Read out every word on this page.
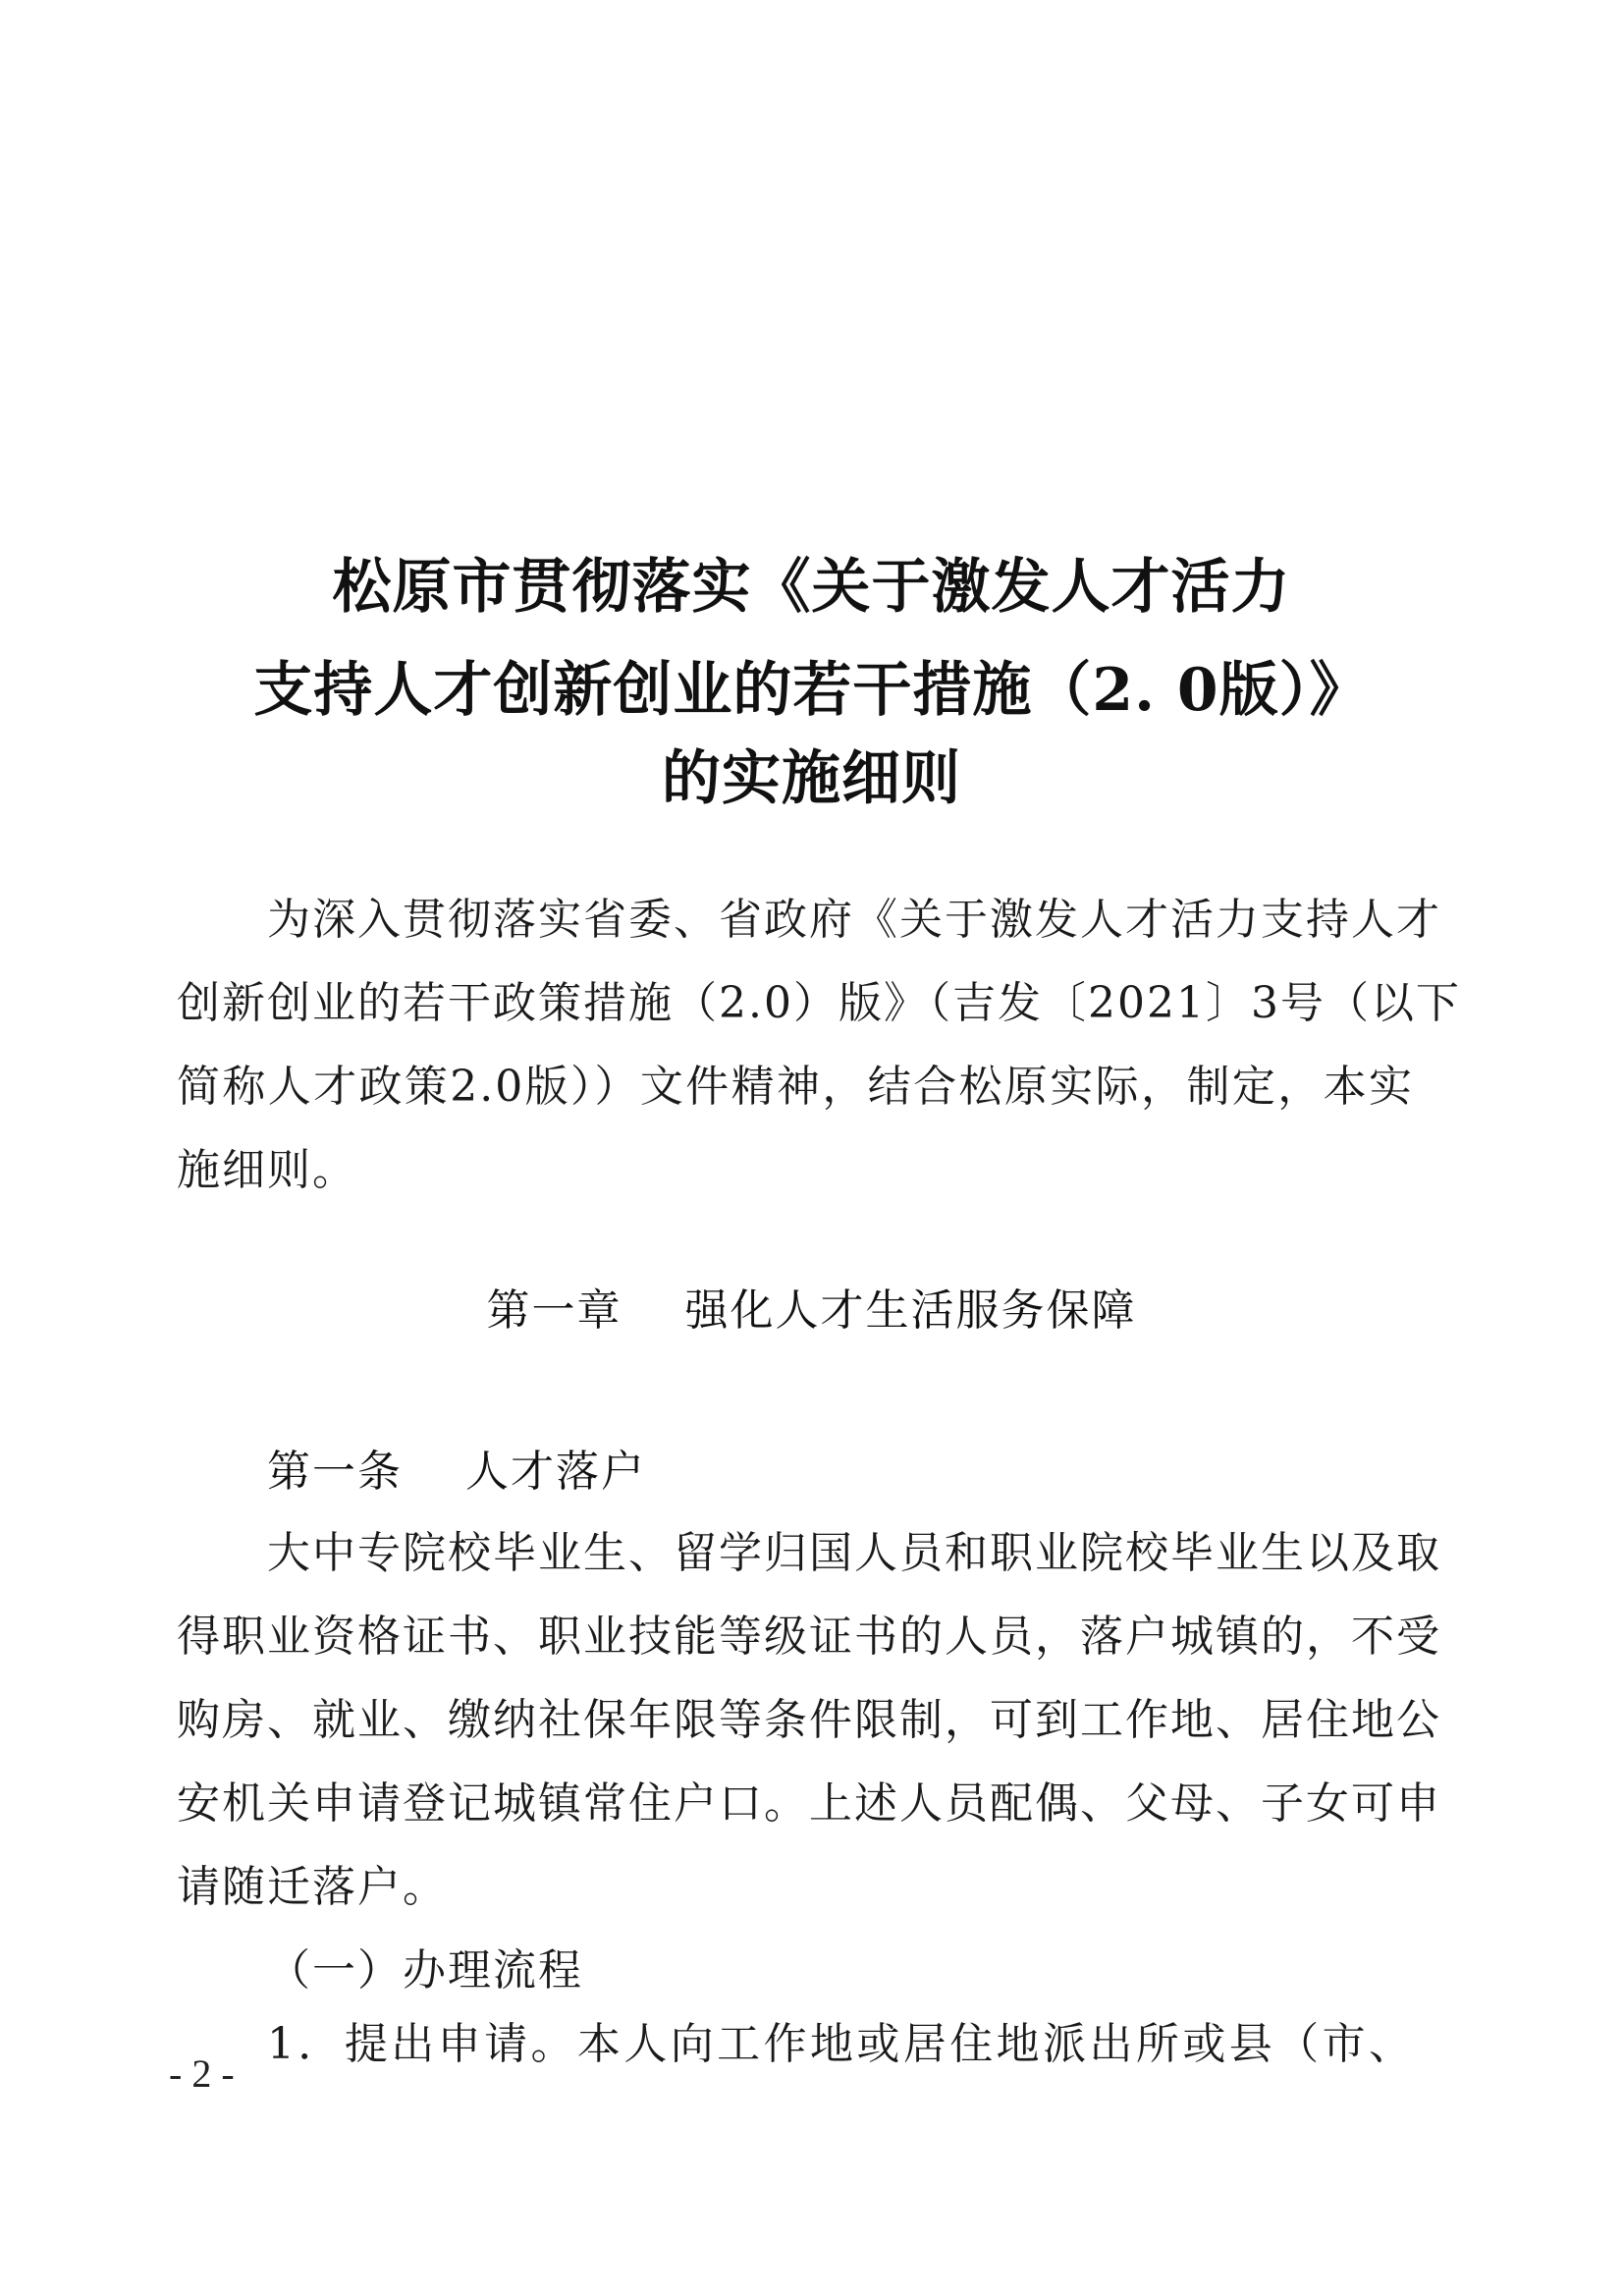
松原市贯彻落实《关于激发人才活力
支持人才创新创业的若干措施（2. 0版）》
的实施细则
为深入贯彻落实省委、省政府《关于激发人才活力支持人才
创新创业的若干政策措施（2.0）版》（吉发〔2021〕3号（以下
简称人才政策2.0版））文件精神，结合松原实际，制定，本实
施细则。
第一章    强化人才生活服务保障
第一条    人才落户
大中专院校毕业生、留学归国人员和职业院校毕业生以及取
得职业资格证书、职业技能等级证书的人员，落户城镇的，不受
购房、就业、缴纳社保年限等条件限制，可到工作地、居住地公
安机关申请登记城镇常住户口。上述人员配偶、父母、子女可申
请随迁落户。
（一）办理流程
1．提出申请。本人向工作地或居住地派出所或县（市、
- 2 -
